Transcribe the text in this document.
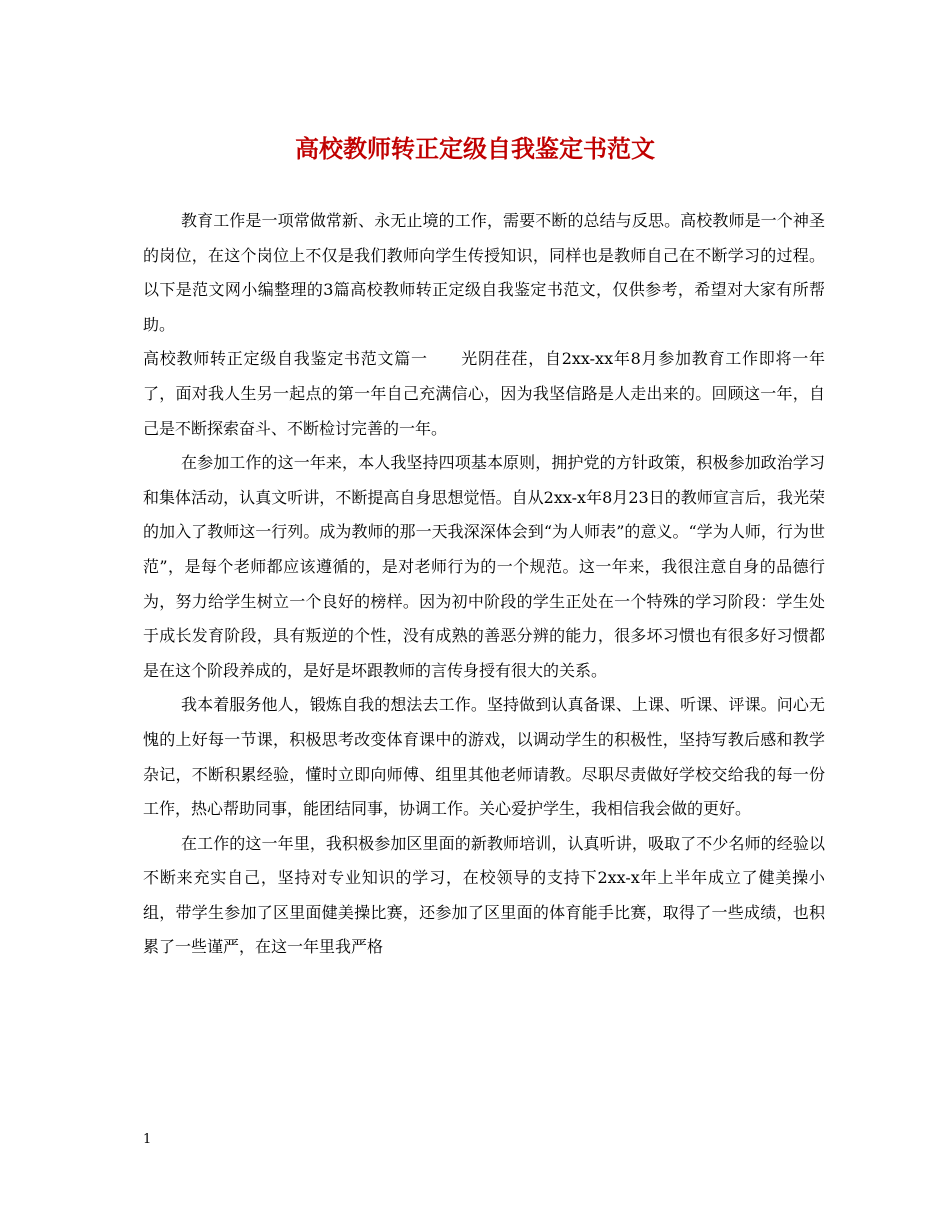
高校教师转正定级自我鉴定书范文

教育工作是一项常做常新、永无止境的工作，需要不断的总结与反思。高校教师是一个神圣的岗位，在这个岗位上不仅是我们教师向学生传授知识，同样也是教师自己在不断学习的过程。以下是范文网小编整理的3篇高校教师转正定级自我鉴定书范文，仅供参考，希望对大家有所帮助。

高校教师转正定级自我鉴定书范文篇一　　光阴荏荏，自2xx-xx年8月参加教育工作即将一年了，面对我人生另一起点的第一年自己充满信心，因为我坚信路是人走出来的。回顾这一年，自己是不断探索奋斗、不断检讨完善的一年。

在参加工作的这一年来，本人我坚持四项基本原则，拥护党的方针政策，积极参加政治学习和集体活动，认真文听讲，不断提高自身思想觉悟。自从2xx-x年8月23日的教师宣言后，我光荣的加入了教师这一行列。成为教师的那一天我深深体会到“为人师表”的意义。“学为人师，行为世范”，是每个老师都应该遵循的，是对老师行为的一个规范。这一年来，我很注意自身的品德行为，努力给学生树立一个良好的榜样。因为初中阶段的学生正处在一个特殊的学习阶段：学生处于成长发育阶段，具有叛逆的个性，没有成熟的善恶分辨的能力，很多坏习惯也有很多好习惯都是在这个阶段养成的，是好是坏跟教师的言传身授有很大的关系。

我本着服务他人，锻炼自我的想法去工作。坚持做到认真备课、上课、听课、评课。问心无愧的上好每一节课，积极思考改变体育课中的游戏，以调动学生的积极性，坚持写教后感和教学杂记，不断积累经验，懂时立即向师傅、组里其他老师请教。尽职尽责做好学校交给我的每一份工作，热心帮助同事，能团结同事，协调工作。关心爱护学生，我相信我会做的更好。

在工作的这一年里，我积极参加区里面的新教师培训，认真听讲，吸取了不少名师的经验以不断来充实自己，坚持对专业知识的学习，在校领导的支持下2xx-x年上半年成立了健美操小组，带学生参加了区里面健美操比赛，还参加了区里面的体育能手比赛，取得了一些成绩，也积累了一些谨严，在这一年里我严格

1
